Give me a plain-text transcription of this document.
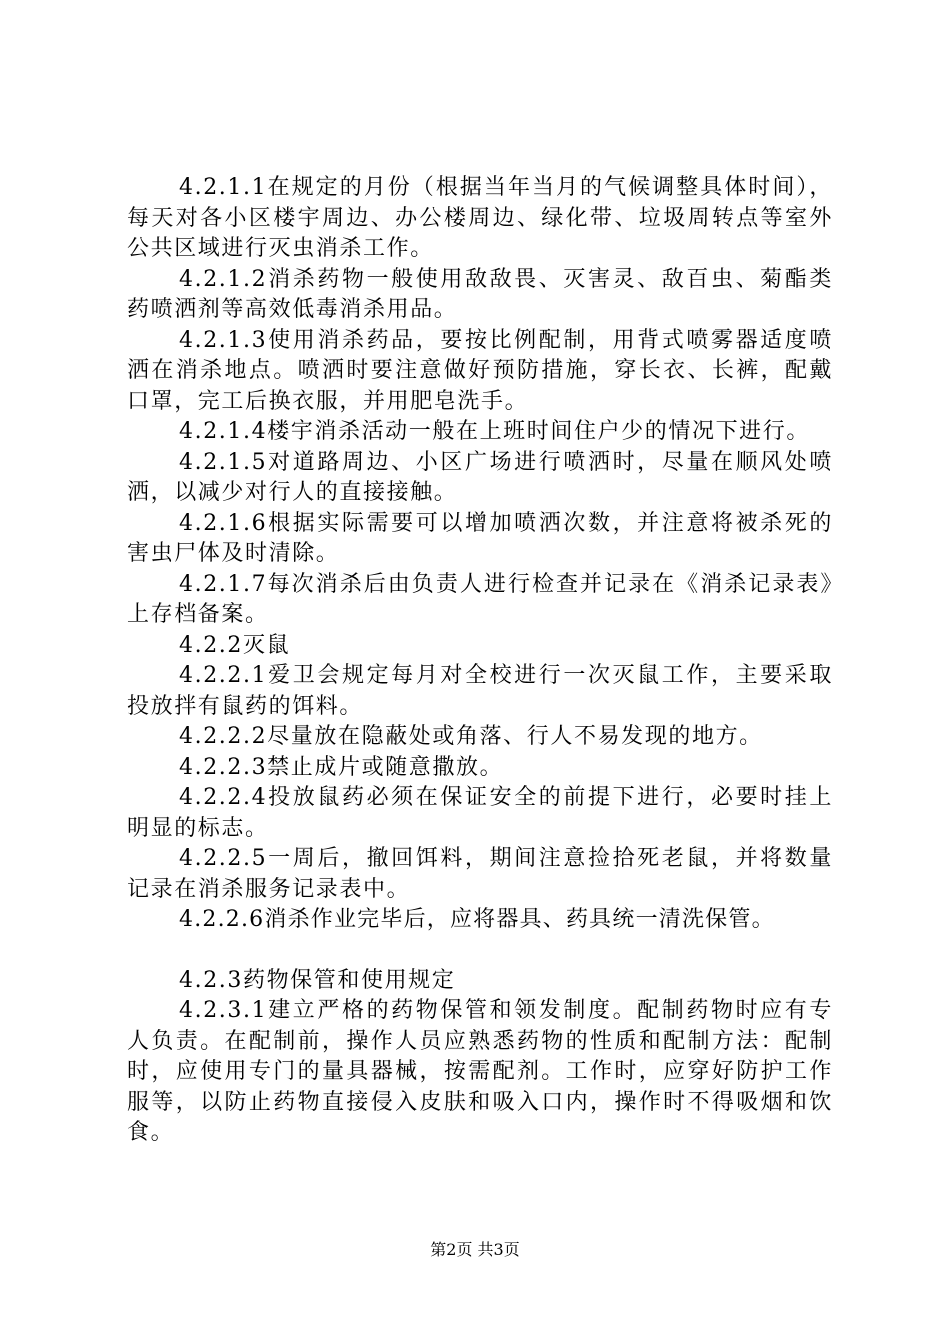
4.2.1.1在规定的月份（根据当年当月的气候调整具体时间），每天对各小区楼宇周边、办公楼周边、绿化带、垃圾周转点等室外公共区域进行灭虫消杀工作。

4.2.1.2消杀药物一般使用敌敌畏、灭害灵、敌百虫、菊酯类药喷洒剂等高效低毒消杀用品。

4.2.1.3使用消杀药品，要按比例配制，用背式喷雾器适度喷洒在消杀地点。喷洒时要注意做好预防措施，穿长衣、长裤，配戴口罩，完工后换衣服，并用肥皂洗手。

4.2.1.4楼宇消杀活动一般在上班时间住户少的情况下进行。

4.2.1.5对道路周边、小区广场进行喷洒时，尽量在顺风处喷洒，以减少对行人的直接接触。

4.2.1.6根据实际需要可以增加喷洒次数，并注意将被杀死的害虫尸体及时清除。

4.2.1.7每次消杀后由负责人进行检查并记录在《消杀记录表》上存档备案。

4.2.2灭鼠

4.2.2.1爱卫会规定每月对全校进行一次灭鼠工作，主要采取投放拌有鼠药的饵料。

4.2.2.2尽量放在隐蔽处或角落、行人不易发现的地方。

4.2.2.3禁止成片或随意撒放。

4.2.2.4投放鼠药必须在保证安全的前提下进行，必要时挂上明显的标志。

4.2.2.5一周后，撤回饵料，期间注意捡拾死老鼠，并将数量记录在消杀服务记录表中。

4.2.2.6消杀作业完毕后，应将器具、药具统一清洗保管。

4.2.3药物保管和使用规定

4.2.3.1建立严格的药物保管和领发制度。配制药物时应有专人负责。在配制前，操作人员应熟悉药物的性质和配制方法：配制时，应使用专门的量具器械，按需配剂。工作时，应穿好防护工作服等，以防止药物直接侵入皮肤和吸入口内，操作时不得吸烟和饮食。

第2页 共3页
